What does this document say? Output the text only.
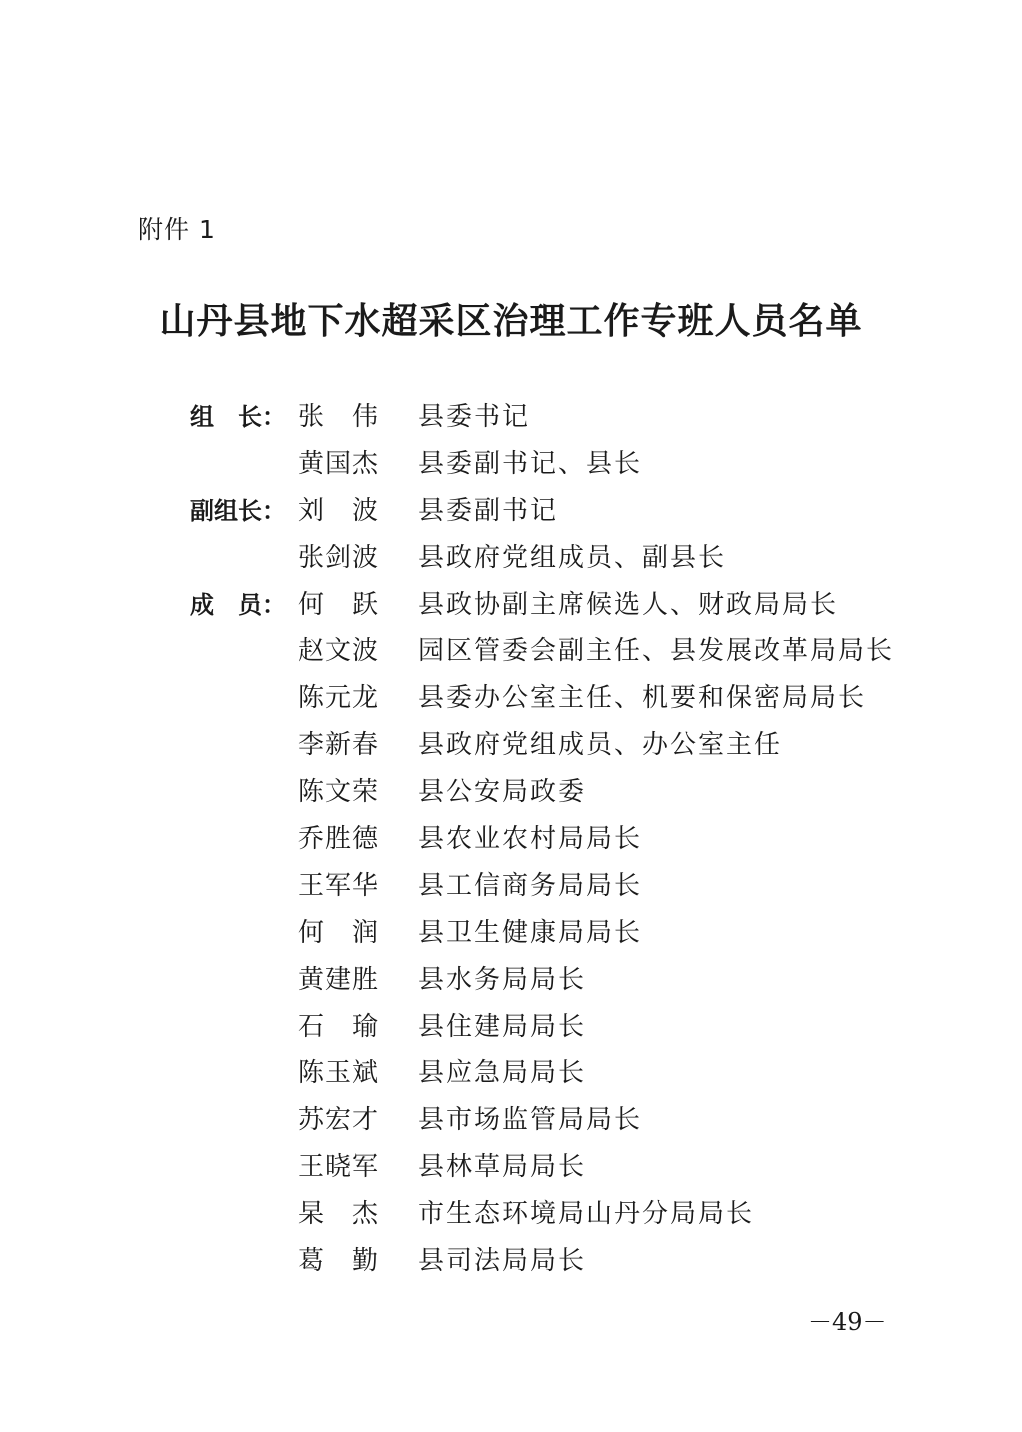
附件 1
山丹县地下水超采区治理工作专班人员名单
组　长： 张　伟 县委书记
黄国杰 县委副书记、县长
副组长： 刘　波 县委副书记
张剑波 县政府党组成员、副县长
成　员： 何　跃 县政协副主席候选人、财政局局长
赵文波 园区管委会副主任、县发展改革局局长
陈元龙 县委办公室主任、机要和保密局局长
李新春 县政府党组成员、办公室主任
陈文荣 县公安局政委
乔胜德 县农业农村局局长
王军华 县工信商务局局长
何　润 县卫生健康局局长
黄建胜 县水务局局长
石　瑜 县住建局局长
陈玉斌 县应急局局长
苏宏才 县市场监管局局长
王晓军 县林草局局长
杲　杰 市生态环境局山丹分局局长
葛　勤 县司法局局长
－49－
